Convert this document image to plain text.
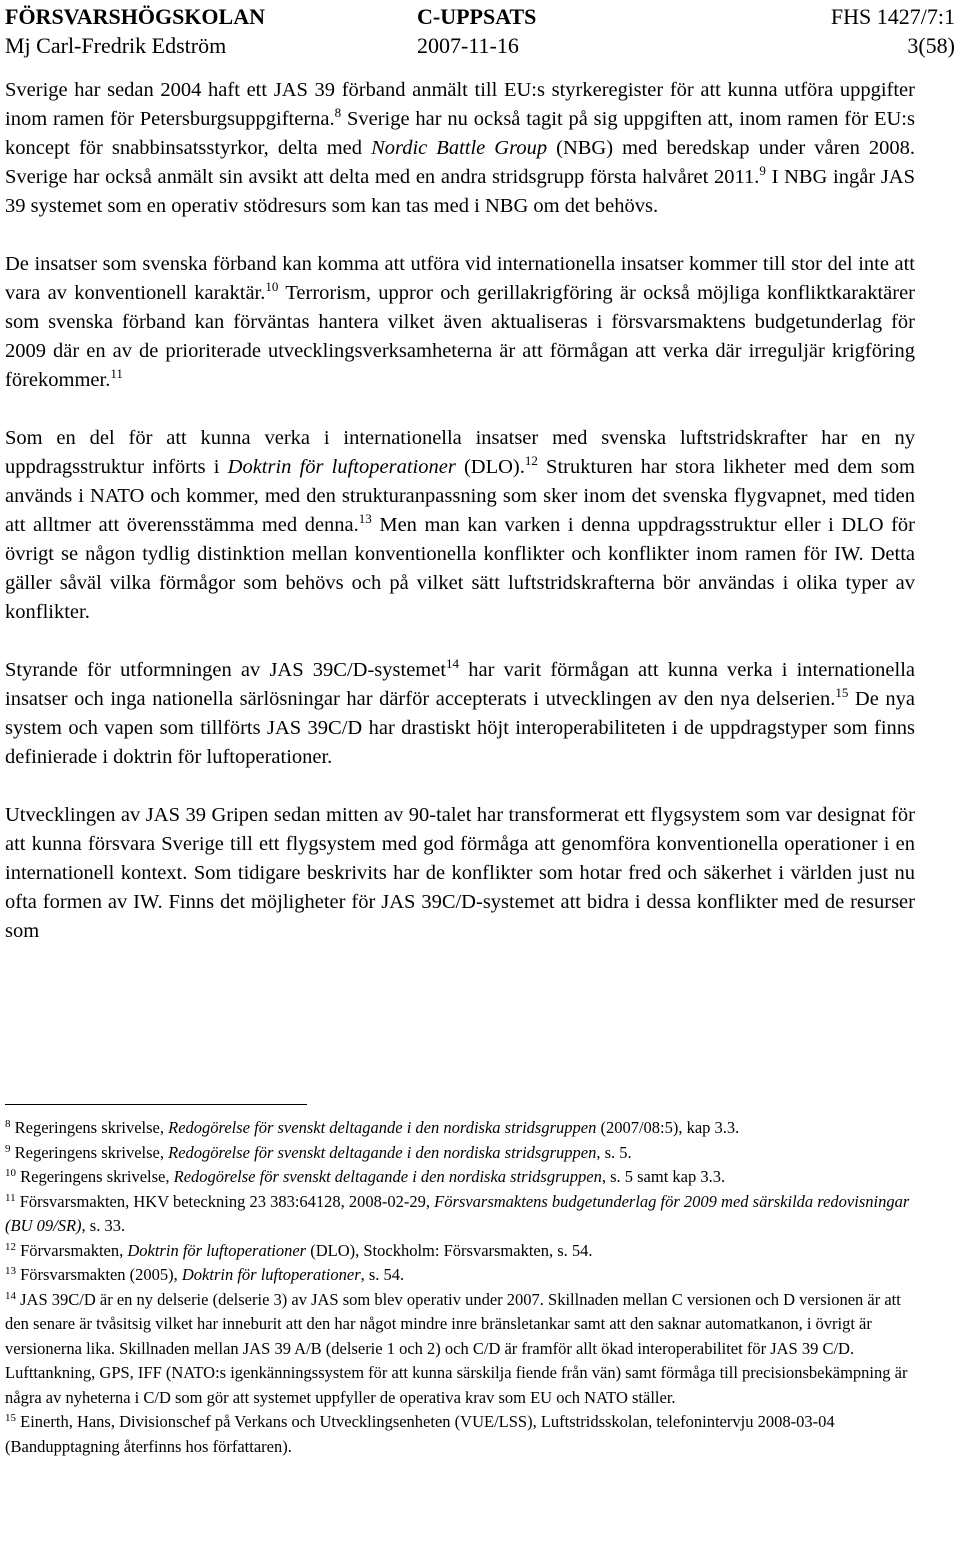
FÖRSVARSHÖGSKOLAN	C-UPPSATS	FHS 1427/7:1
Mj Carl-Fredrik Edström	2007-11-16	3(58)

Sverige har sedan 2004 haft ett JAS 39 förband anmält till EU:s styrkeregister för att kunna utföra uppgifter inom ramen för Petersburgsuppgifterna.$^8$ Sverige har nu också tagit på sig uppgiften att, inom ramen för EU:s koncept för snabbinsatsstyrkor, delta med Nordic Battle Group (NBG) med beredskap under våren 2008. Sverige har också anmält sin avsikt att delta med en andra stridsgrupp första halvåret 2011.$^9$ I NBG ingår JAS 39 systemet som en operativ stödresurs som kan tas med i NBG om det behövs.

De insatser som svenska förband kan komma att utföra vid internationella insatser kommer till stor del inte att vara av konventionell karaktär.$^{10}$ Terrorism, uppror och gerillakrigföring är också möjliga konfliktkaraktärer som svenska förband kan förväntas hantera vilket även aktualiseras i försvarsmaktens budgetunderlag för 2009 där en av de prioriterade utvecklingsverksamheterna är att förmågan att verka där irreguljär krigföring förekommer.$^{11}$

Som en del för att kunna verka i internationella insatser med svenska luftstridskrafter har en ny uppdragsstruktur införts i Doktrin för luftoperationer (DLO).$^{12}$ Strukturen har stora likheter med dem som används i NATO och kommer, med den strukturanpassning som sker inom det svenska flygvapnet, med tiden att alltmer att överensstämma med denna.$^{13}$ Men man kan varken i denna uppdragsstruktur eller i DLO för övrigt se någon tydlig distinktion mellan konventionella konflikter och konflikter inom ramen för IW. Detta gäller såväl vilka förmågor som behövs och på vilket sätt luftstridskrafterna bör användas i olika typer av konflikter.

Styrande för utformningen av JAS 39C/D-systemet$^{14}$ har varit förmågan att kunna verka i internationella insatser och inga nationella särlösningar har därför accepterats i utvecklingen av den nya delserien.$^{15}$ De nya system och vapen som tillförts JAS 39C/D har drastiskt höjt interoperabiliteten i de uppdragstyper som finns definierade i doktrin för luftoperationer.

Utvecklingen av JAS 39 Gripen sedan mitten av 90-talet har transformerat ett flygsystem som var designat för att kunna försvara Sverige till ett flygsystem med god förmåga att genomföra konventionella operationer i en internationell kontext. Som tidigare beskrivits har de konflikter som hotar fred och säkerhet i världen just nu ofta formen av IW. Finns det möjligheter för JAS 39C/D-systemet att bidra i dessa konflikter med de resurser som

$^8$ Regeringens skrivelse, Redogörelse för svenskt deltagande i den nordiska stridsgruppen (2007/08:5), kap 3.3.

$^9$ Regeringens skrivelse, Redogörelse för svenskt deltagande i den nordiska stridsgruppen, s. 5.

$^{10}$ Regeringens skrivelse, Redogörelse för svenskt deltagande i den nordiska stridsgruppen, s. 5 samt kap 3.3.

$^{11}$ Försvarsmakten, HKV beteckning 23 383:64128, 2008-02-29, Försvarsmaktens budgetunderlag för 2009 med särskilda redovisningar (BU 09/SR), s. 33.

$^{12}$ Förvarsmakten, Doktrin för luftoperationer (DLO), Stockholm: Försvarsmakten, s. 54.

$^{13}$ Försvarsmakten (2005), Doktrin för luftoperationer, s. 54.

$^{14}$ JAS 39C/D är en ny delserie (delserie 3) av JAS som blev operativ under 2007. Skillnaden mellan C versionen och D versionen är att den senare är tvåsitsig vilket har inneburit att den har något mindre inre bränsletankar samt att den saknar automatkanon, i övrigt är versionerna lika. Skillnaden mellan JAS 39 A/B (delserie 1 och 2) och C/D är framför allt ökad interoperabilitet för JAS 39 C/D. Lufttankning, GPS, IFF (NATO:s igenkänningssystem för att kunna särskilja fiende från vän) samt förmåga till precisionsbekämpning är några av nyheterna i C/D som gör att systemet uppfyller de operativa krav som EU och NATO ställer.

$^{15}$ Einerth, Hans, Divisionschef på Verkans och Utvecklingsenheten (VUE/LSS), Luftstridsskolan, telefonintervju 2008-03-04 (Bandupptagning återfinns hos författaren).
